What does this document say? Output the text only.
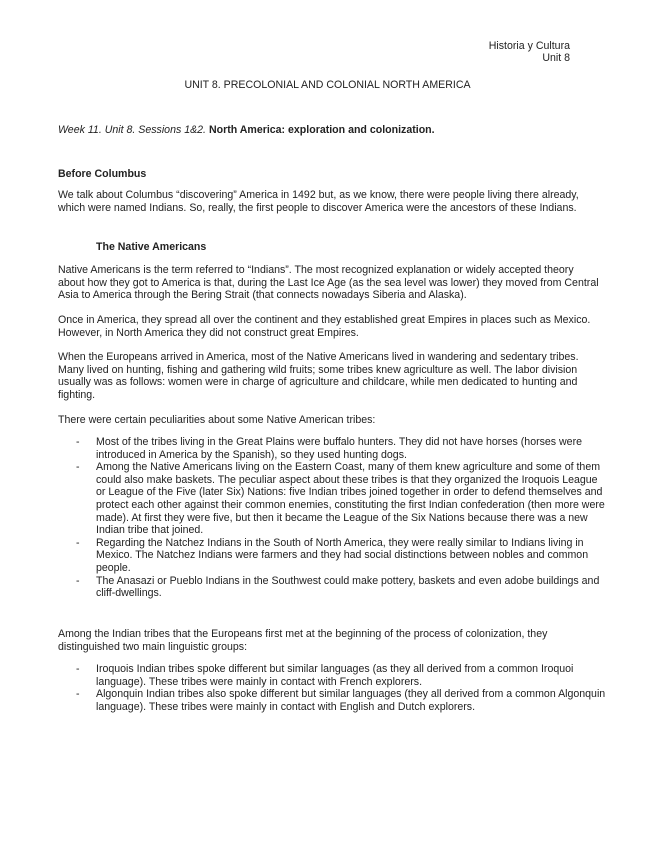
Historia y Cultura
Unit 8
UNIT 8. PRECOLONIAL AND COLONIAL NORTH AMERICA
Week 11. Unit 8. Sessions 1&2. North America: exploration and colonization.
Before Columbus
We talk about Columbus “discovering” America in 1492 but, as we know, there were people living there already, which were named Indians. So, really, the first people to discover America were the ancestors of these Indians.
The Native Americans
Native Americans is the term referred to “Indians”. The most recognized explanation or widely accepted theory about how they got to America is that, during the Last Ice Age (as the sea level was lower) they moved from Central Asia to America through the Bering Strait (that connects nowadays Siberia and Alaska).
Once in America, they spread all over the continent and they established great Empires in places such as Mexico. However, in North America they did not construct great Empires.
When the Europeans arrived in America, most of the Native Americans lived in wandering and sedentary tribes. Many lived on hunting, fishing and gathering wild fruits; some tribes knew agriculture as well. The labor division usually was as follows: women were in charge of agriculture and childcare, while men dedicated to hunting and fighting.
There were certain peculiarities about some Native American tribes:
- Most of the tribes living in the Great Plains were buffalo hunters. They did not have horses (horses were introduced in America by the Spanish), so they used hunting dogs.
- Among the Native Americans living on the Eastern Coast, many of them knew agriculture and some of them could also make baskets. The peculiar aspect about these tribes is that they organized the Iroquois League or League of the Five (later Six) Nations: five Indian tribes joined together in order to defend themselves and protect each other against their common enemies, constituting the first Indian confederation (then more were made). At first they were five, but then it became the League of the Six Nations because there was a new Indian tribe that joined.
- Regarding the Natchez Indians in the South of North America, they were really similar to Indians living in Mexico. The Natchez Indians were farmers and they had social distinctions between nobles and common people.
- The Anasazi or Pueblo Indians in the Southwest could make pottery, baskets and even adobe buildings and cliff-dwellings.
Among the Indian tribes that the Europeans first met at the beginning of the process of colonization, they distinguished two main linguistic groups:
- Iroquois Indian tribes spoke different but similar languages (as they all derived from a common Iroquoi language). These tribes were mainly in contact with French explorers.
- Algonquin Indian tribes also spoke different but similar languages (they all derived from a common Algonquin language). These tribes were mainly in contact with English and Dutch explorers.
